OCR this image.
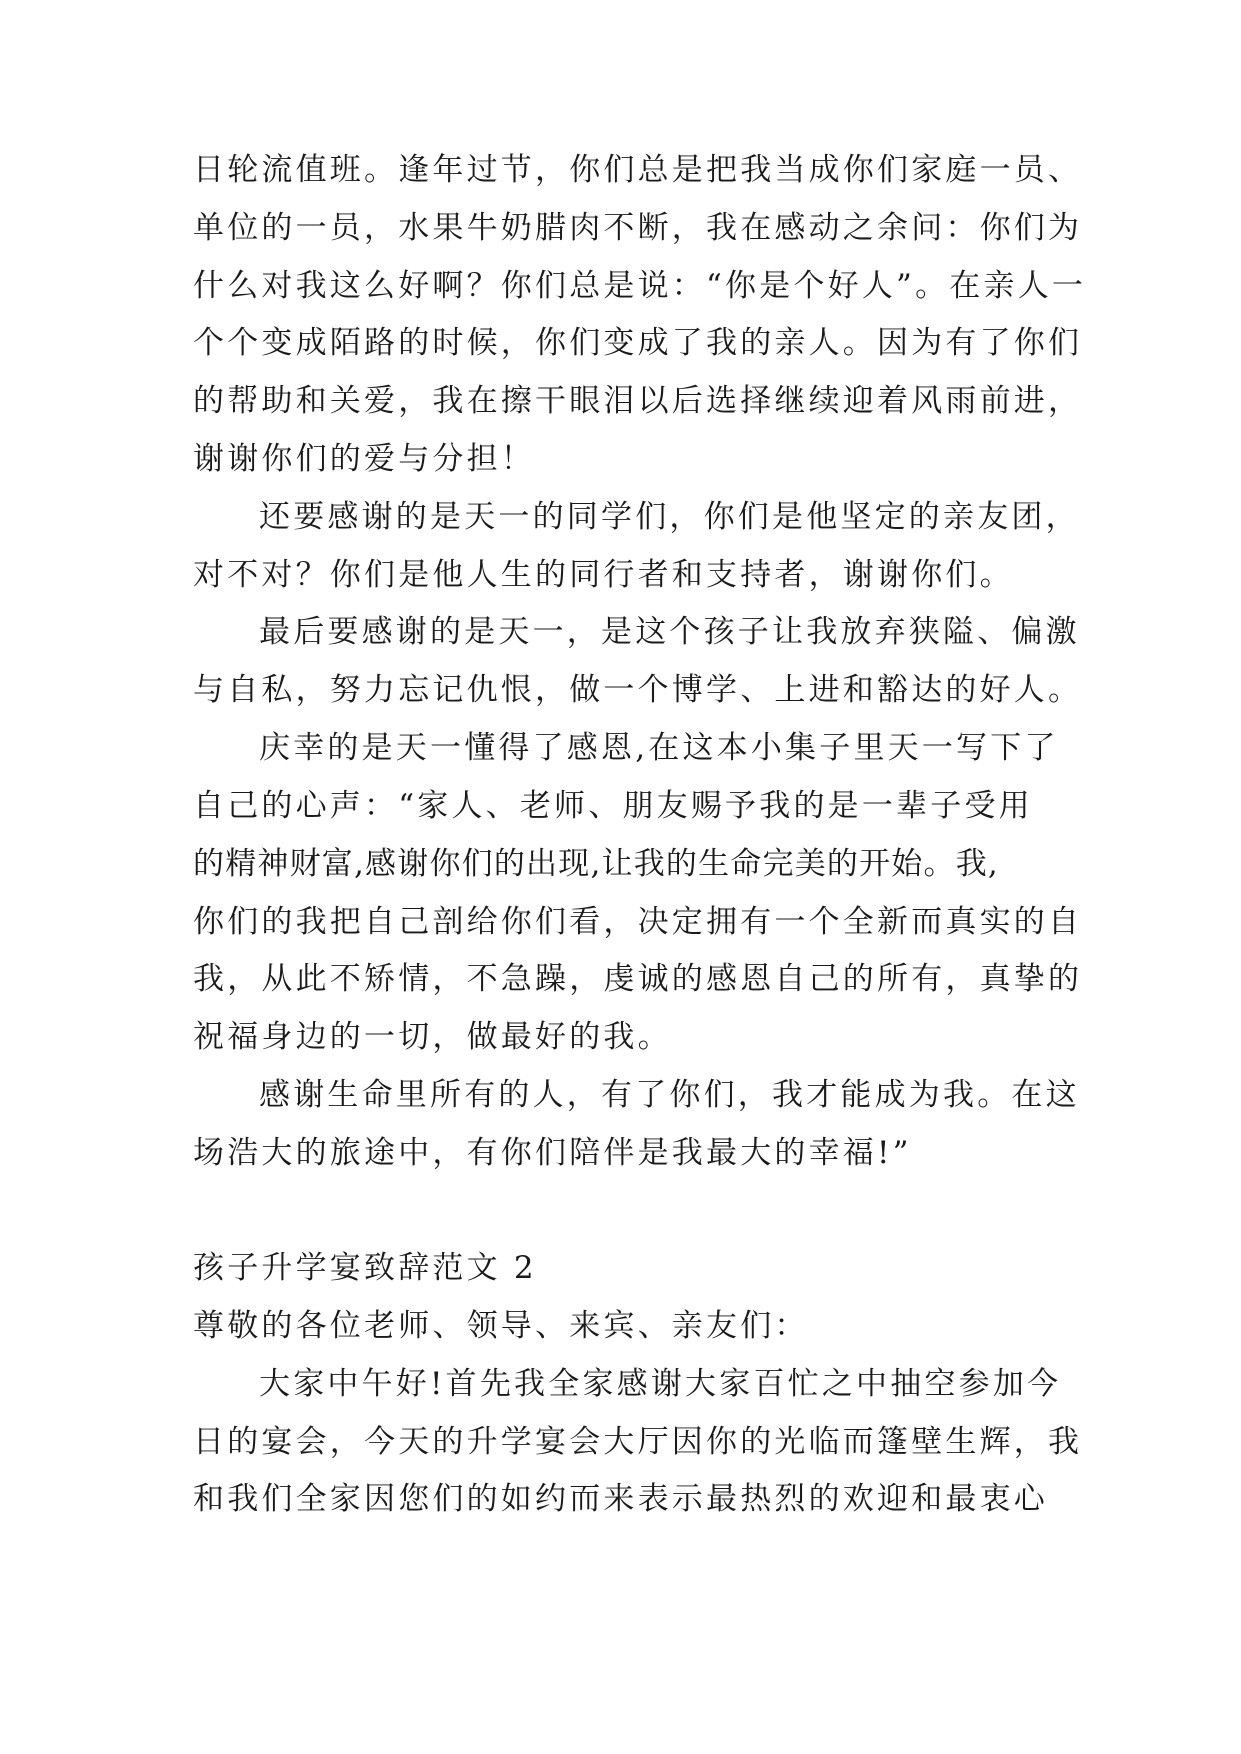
日轮流值班。逢年过节，你们总是把我当成你们家庭一员、
单位的一员，水果牛奶腊肉不断，我在感动之余问：你们为
什么对我这么好啊？你们总是说：“你是个好人”。在亲人一
个个变成陌路的时候，你们变成了我的亲人。因为有了你们
的帮助和关爱，我在擦干眼泪以后选择继续迎着风雨前进，
谢谢你们的爱与分担！
还要感谢的是天一的同学们，你们是他坚定的亲友团，
对不对？你们是他人生的同行者和支持者，谢谢你们。
最后要感谢的是天一，是这个孩子让我放弃狭隘、偏激
与自私，努力忘记仇恨，做一个博学、上进和豁达的好人。
庆幸的是天一懂得了感恩,在这本小集子里天一写下了
自己的心声：“家人、老师、朋友赐予我的是一辈子受用
的精神财富,感谢你们的出现,让我的生命完美的开始。我,
你们的我把自己剖给你们看，决定拥有一个全新而真实的自
我，从此不矫情，不急躁，虔诚的感恩自己的所有，真挚的
祝福身边的一切，做最好的我。
感谢生命里所有的人，有了你们，我才能成为我。在这
场浩大的旅途中，有你们陪伴是我最大的幸福!”
孩子升学宴致辞范文 2
尊敬的各位老师、领导、来宾、亲友们：
大家中午好!首先我全家感谢大家百忙之中抽空参加今
日的宴会，今天的升学宴会大厅因你的光临而篷壁生辉，我
和我们全家因您们的如约而来表示最热烈的欢迎和最衷心
